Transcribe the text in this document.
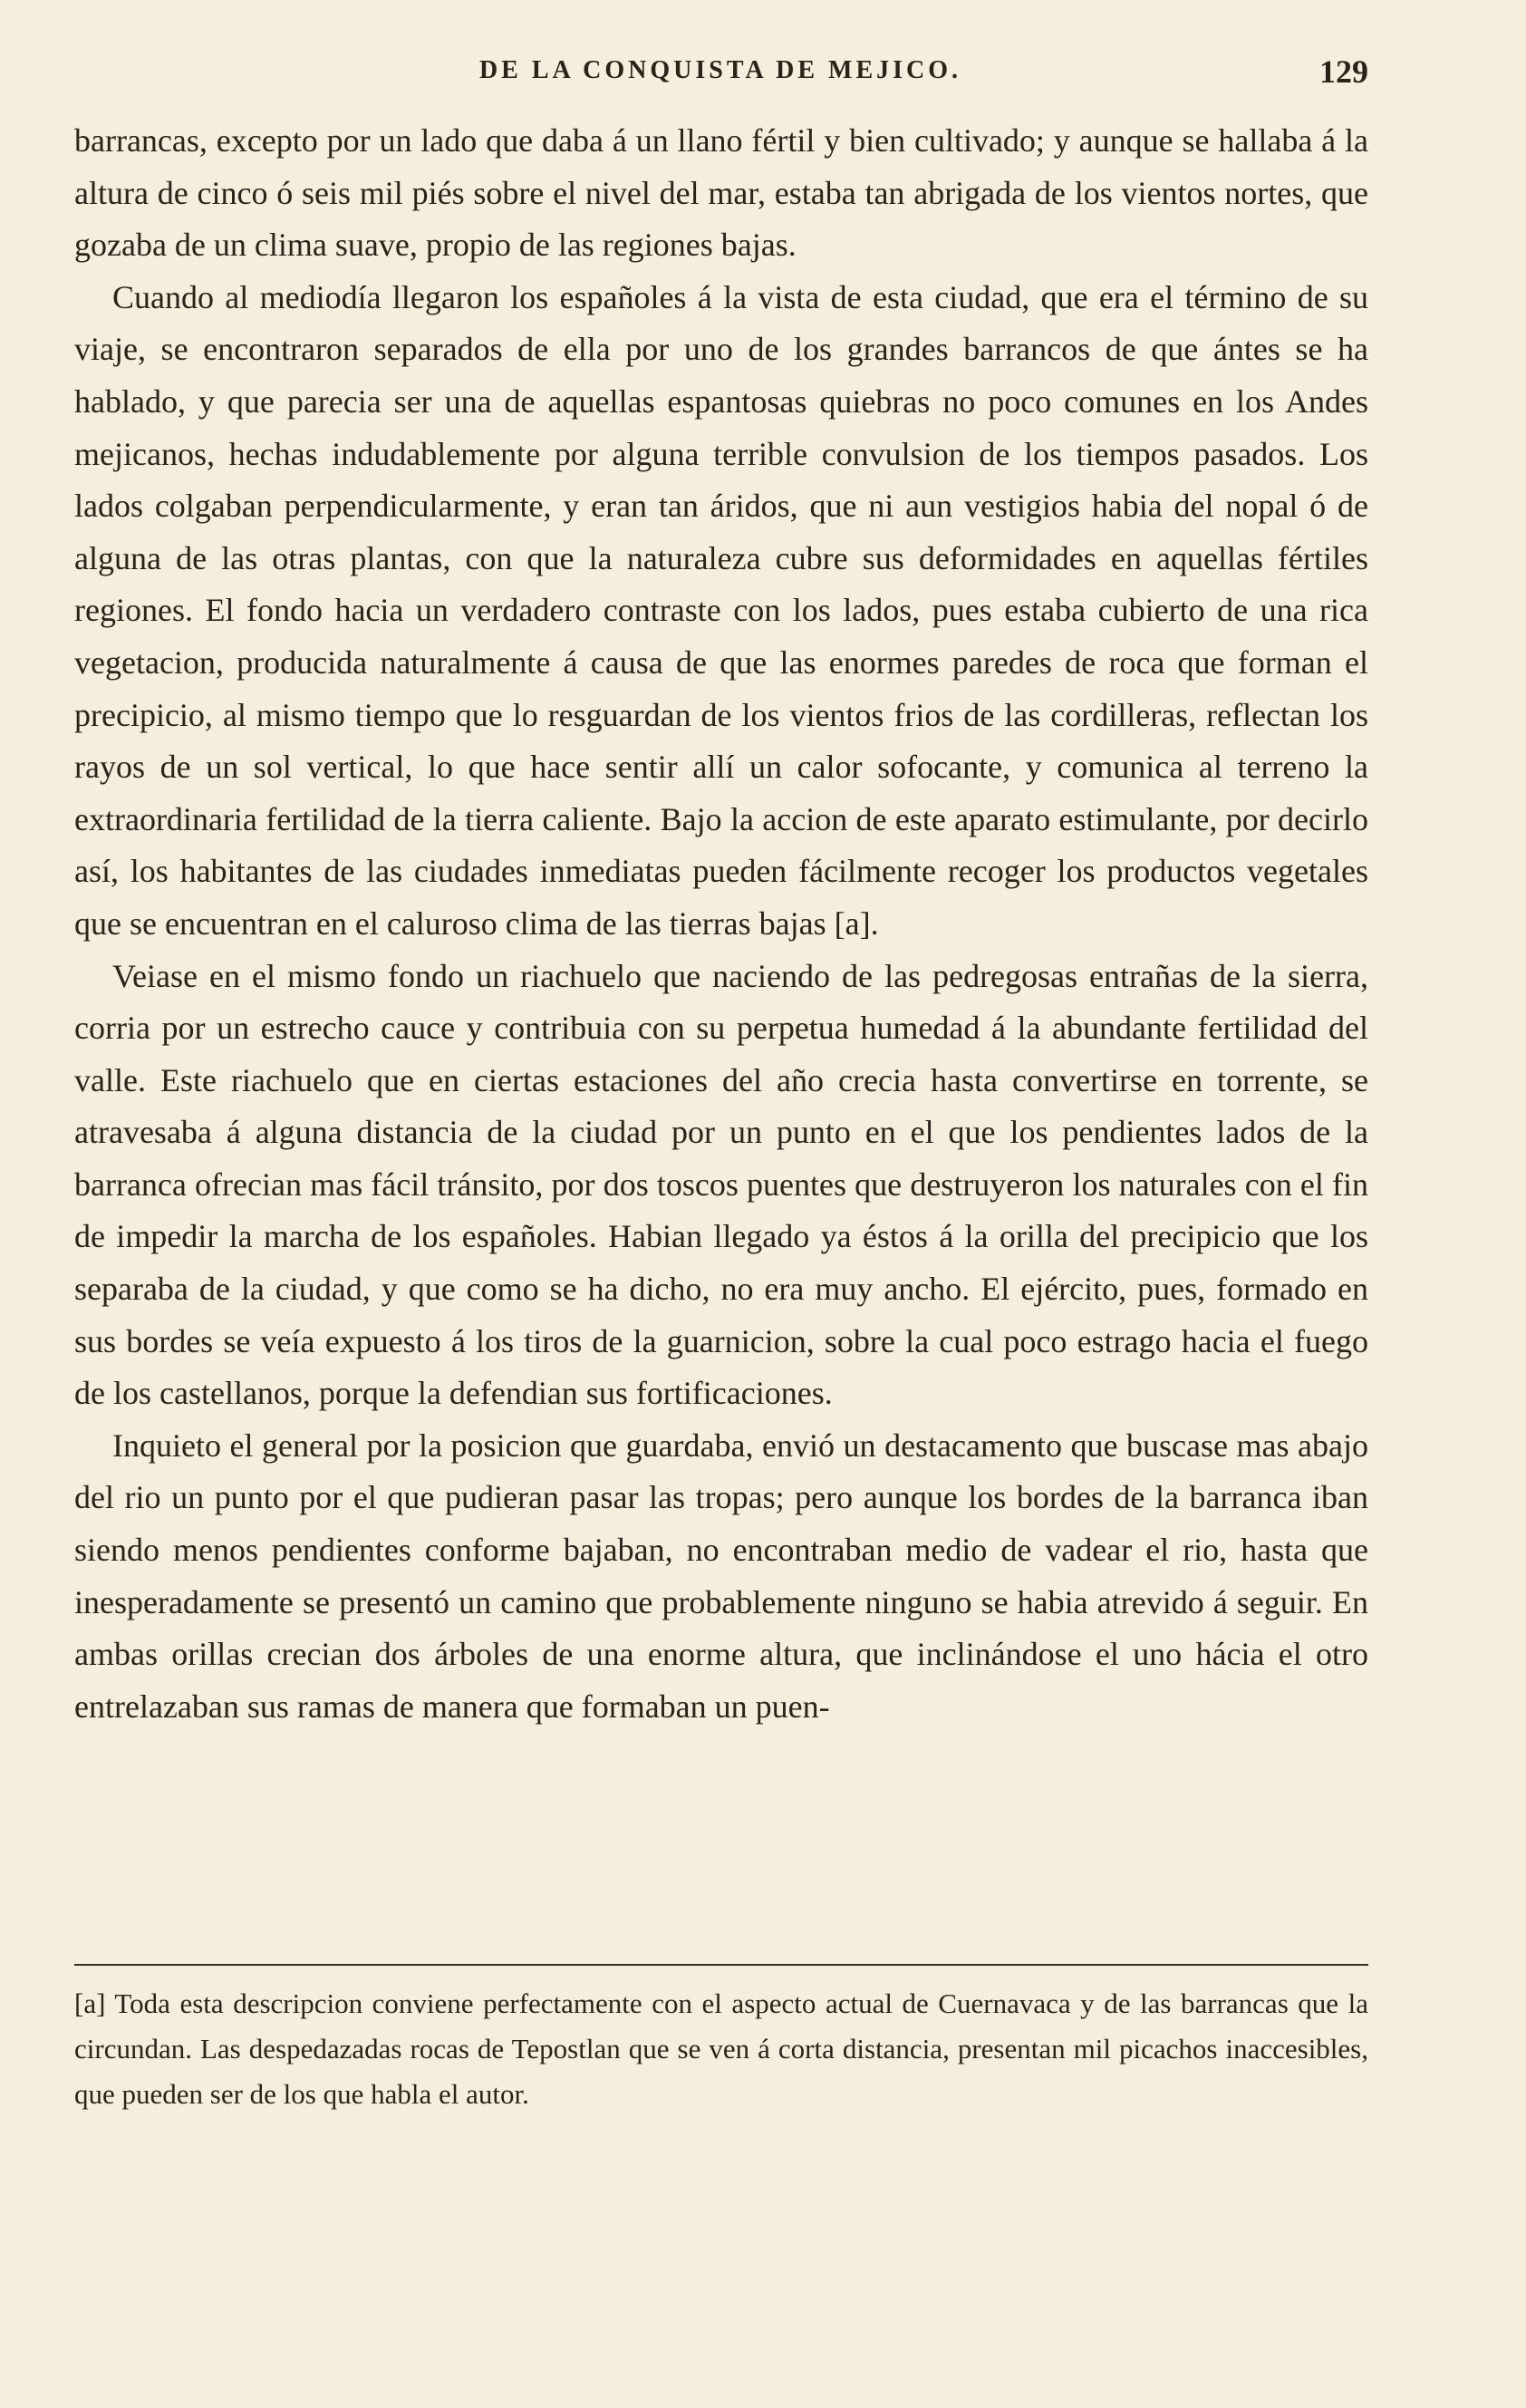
DE LA CONQUISTA DE MEJICO.	129

barrancas, excepto por un lado que daba á un llano fértil y bien cultivado; y aunque se hallaba á la altura de cinco ó seis mil piés sobre el nivel del mar, estaba tan abrigada de los vientos nortes, que gozaba de un clima suave, propio de las regiones bajas.

Cuando al mediodía llegaron los españoles á la vista de esta ciudad, que era el término de su viaje, se encontraron separados de ella por uno de los grandes barrancos de que ántes se ha hablado, y que parecia ser una de aquellas espantosas quiebras no poco comunes en los Andes mejicanos, hechas indudablemente por alguna terrible convulsion de los tiempos pasados. Los lados colgaban perpendicularmente, y eran tan áridos, que ni aun vestigios habia del nopal ó de alguna de las otras plantas, con que la naturaleza cubre sus deformidades en aquellas fértiles regiones. El fondo hacia un verdadero contraste con los lados, pues estaba cubierto de una rica vegetacion, producida naturalmente á causa de que las enormes paredes de roca que forman el precipicio, al mismo tiempo que lo resguardan de los vientos frios de las cordilleras, reflectan los rayos de un sol vertical, lo que hace sentir allí un calor sofocante, y comunica al terreno la extraordinaria fertilidad de la tierra caliente. Bajo la accion de este aparato estimulante, por decirlo así, los habitantes de las ciudades inmediatas pueden fácilmente recoger los productos vegetales que se encuentran en el caluroso clima de las tierras bajas [a].

Veiase en el mismo fondo un riachuelo que naciendo de las pedregosas entrañas de la sierra, corria por un estrecho cauce y contribuia con su perpetua humedad á la abundante fertilidad del valle. Este riachuelo que en ciertas estaciones del año crecia hasta convertirse en torrente, se atravesaba á alguna distancia de la ciudad por un punto en el que los pendientes lados de la barranca ofrecian mas fácil tránsito, por dos toscos puentes que destruyeron los naturales con el fin de impedir la marcha de los españoles. Habian llegado ya éstos á la orilla del precipicio que los separaba de la ciudad, y que como se ha dicho, no era muy ancho. El ejército, pues, formado en sus bordes se veía expuesto á los tiros de la guarnicion, sobre la cual poco estrago hacia el fuego de los castellanos, porque la defendian sus fortificaciones.

Inquieto el general por la posicion que guardaba, envió un destacamento que buscase mas abajo del rio un punto por el que pudieran pasar las tropas; pero aunque los bordes de la barranca iban siendo menos pendientes conforme bajaban, no encontraban medio de vadear el rio, hasta que inesperadamente se presentó un camino que probablemente ninguno se habia atrevido á seguir. En ambas orillas crecian dos árboles de una enorme altura, que inclinándose el uno hácia el otro entrelazaban sus ramas de manera que formaban un puen-

[a] Toda esta descripcion conviene perfectamente con el aspecto actual de Cuernavaca y de las barrancas que la circundan. Las despedazadas rocas de Tepostlan que se ven á corta distancia, presentan mil picachos inaccesibles, que pueden ser de los que habla el autor.
